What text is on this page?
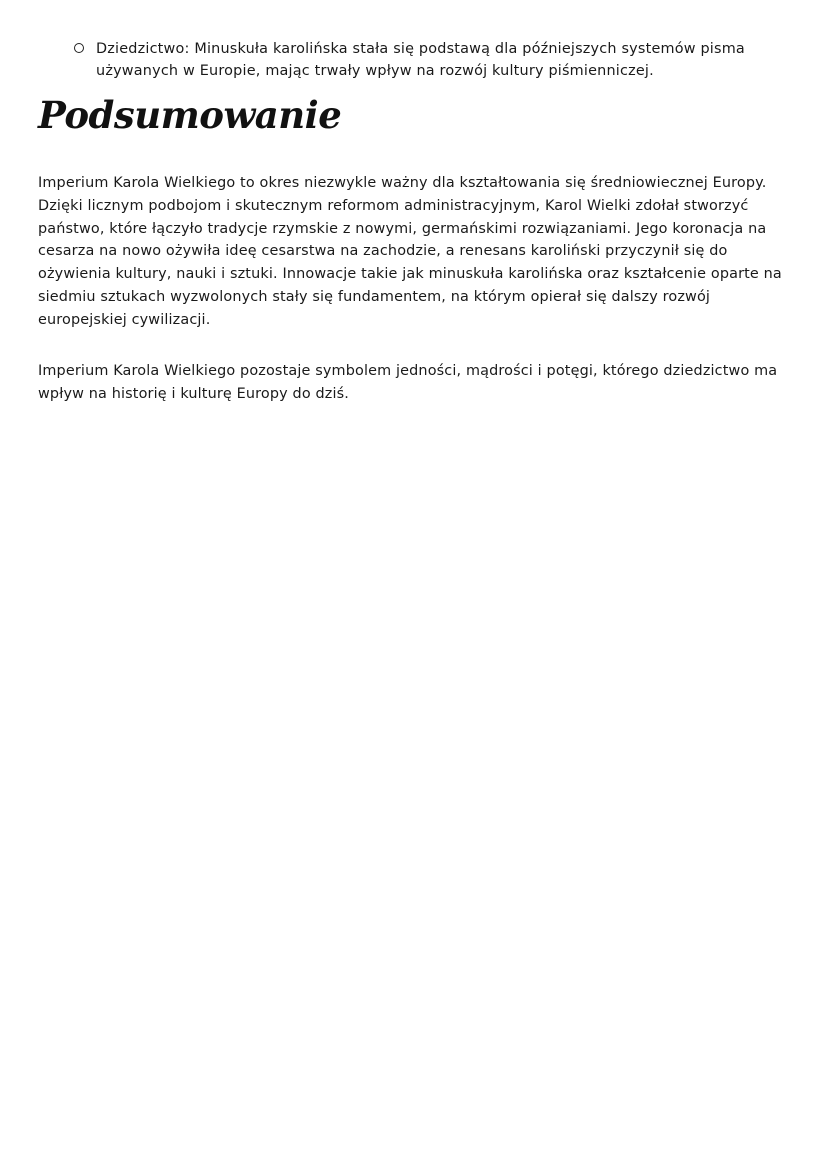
Dziedzictwo: Minuskuła karolińska stała się podstawą dla późniejszych systemów pisma używanych w Europie, mając trwały wpływ na rozwój kultury piśmienniczej.
Podsumowanie

Imperium Karola Wielkiego to okres niezwykle ważny dla kształtowania się średniowiecznej Europy. Dzięki licznym podbojom i skutecznym reformom administracyjnym, Karol Wielki zdołał stworzyć państwo, które łączyło tradycje rzymskie z nowymi, germańskimi rozwiązaniami. Jego koronacja na cesarza na nowo ożywiła ideę cesarstwa na zachodzie, a renesans karoliński przyczynił się do ożywienia kultury, nauki i sztuki. Innowacje takie jak minuskuła karolińska oraz kształcenie oparte na siedmiu sztukach wyzwolonych stały się fundamentem, na którym opierał się dalszy rozwój europejskiej cywilizacji.

Imperium Karola Wielkiego pozostaje symbolem jedności, mądrości i potęgi, którego dziedzictwo ma wpływ na historię i kulturę Europy do dziś.
